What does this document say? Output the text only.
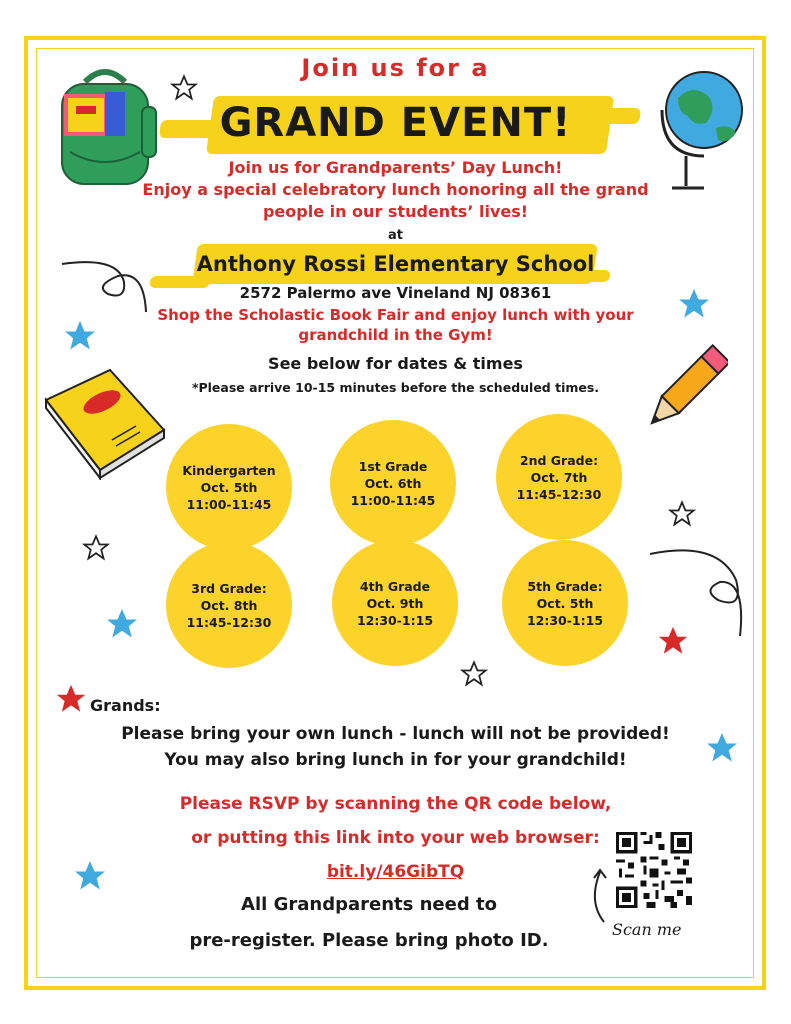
Join us for a
GRAND EVENT!
Join us for Grandparents’ Day Lunch!
Enjoy a special celebratory lunch honoring all the grand
people in our students’ lives!
at
Anthony Rossi Elementary School
2572 Palermo ave Vineland NJ 08361
Shop the Scholastic Book Fair and enjoy lunch with your
grandchild in the Gym!
See below for dates & times
*Please arrive 10-15 minutes before the scheduled times.
Kindergarten
Oct. 5th
11:00-11:45
1st Grade
Oct. 6th
11:00-11:45
2nd Grade:
Oct. 7th
11:45-12:30
3rd Grade:
Oct. 8th
11:45-12:30
4th Grade
Oct. 9th
12:30-1:15
5th Grade:
Oct. 5th
12:30-1:15
Grands:
Please bring your own lunch - lunch will not be provided!
You may also bring lunch in for your grandchild!
Please RSVP by scanning the QR code below,
or putting this link into your web browser:
bit.ly/46GibTQ
All Grandparents need to
pre-register. Please bring photo ID.
Scan me
